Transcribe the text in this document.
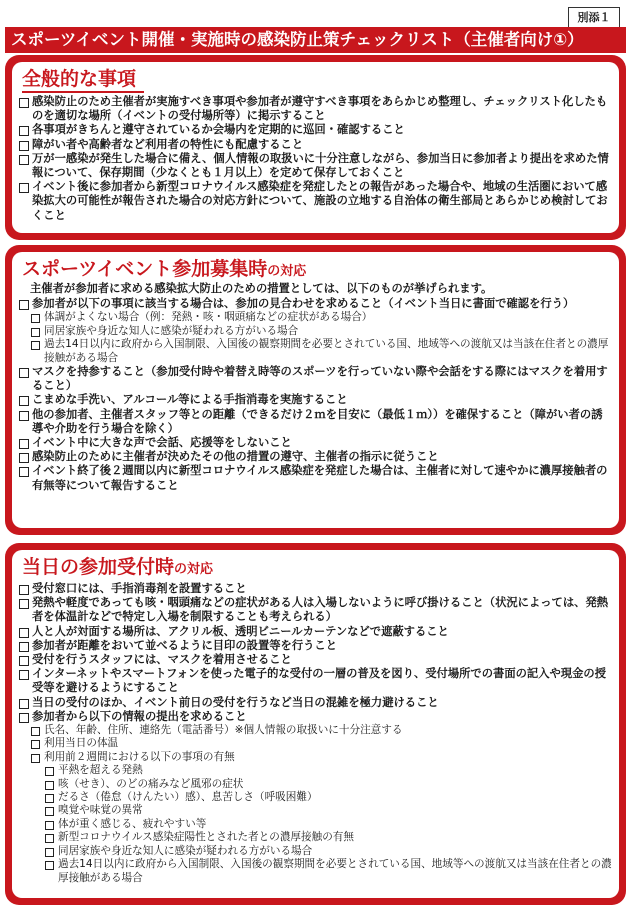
別添１
スポーツイベント開催・実施時の感染防止策チェックリスト（主催者向け①）
全般的な事項
感染防止のため主催者が実施すべき事項や参加者が遵守すべき事項をあらかじめ整理し、チェックリスト化したものを適切な場所（イベントの受付場所等）に掲示すること
各事項がきちんと遵守されているか会場内を定期的に巡回・確認すること
障がい者や高齢者など利用者の特性にも配慮すること
万が一感染が発生した場合に備え、個人情報の取扱いに十分注意しながら、参加当日に参加者より提出を求めた情報について、保存期間（少なくとも１月以上）を定めて保存しておくこと
イベント後に参加者から新型コロナウイルス感染症を発症したとの報告があった場合や、地域の生活圏において感染拡大の可能性が報告された場合の対応方針について、施設の立地する自治体の衛生部局とあらかじめ検討しておくこと
スポーツイベント参加募集時の対応
主催者が参加者に求める感染拡大防止のための措置としては、以下のものが挙げられます。
参加者が以下の事項に該当する場合は、参加の見合わせを求めること（イベント当日に書面で確認を行う）
体調がよくない場合（例：発熱・咳・咽頭痛などの症状がある場合）
同居家族や身近な知人に感染が疑われる方がいる場合
過去14日以内に政府から入国制限、入国後の観察期間を必要とされている国、地域等への渡航又は当該在住者との濃厚接触がある場合
マスクを持参すること（参加受付時や着替え時等のスポーツを行っていない際や会話をする際にはマスクを着用すること）
こまめな手洗い、アルコール等による手指消毒を実施すること
他の参加者、主催者スタッフ等との距離（できるだけ２ｍを目安に（最低１ｍ））を確保すること（障がい者の誘導や介助を行う場合を除く）
イベント中に大きな声で会話、応援等をしないこと
感染防止のために主催者が決めたその他の措置の遵守、主催者の指示に従うこと
イベント終了後２週間以内に新型コロナウイルス感染症を発症した場合は、主催者に対して速やかに濃厚接触者の有無等について報告すること
当日の参加受付時の対応
受付窓口には、手指消毒剤を設置すること
発熱や軽度であっても咳・咽頭痛などの症状がある人は入場しないように呼び掛けること（状況によっては、発熱者を体温計などで特定し入場を制限することも考えられる）
人と人が対面する場所は、アクリル板、透明ビニールカーテンなどで遮蔽すること
参加者が距離をおいて並べるように目印の設置等を行うこと
受付を行うスタッフには、マスクを着用させること
インターネットやスマートフォンを使った電子的な受付の一層の普及を図り、受付場所での書面の記入や現金の授受等を避けるようにすること
当日の受付のほか、イベント前日の受付を行うなど当日の混雑を極力避けること
参加者から以下の情報の提出を求めること
氏名、年齢、住所、連絡先（電話番号）※個人情報の取扱いに十分注意する
利用当日の体温
利用前２週間における以下の事項の有無
平熱を超える発熱
咳（せき）、のどの痛みなど風邪の症状
だるさ（倦怠（けんたい）感）、息苦しさ（呼吸困難）
嗅覚や味覚の異常
体が重く感じる、疲れやすい等
新型コロナウイルス感染症陽性とされた者との濃厚接触の有無
同居家族や身近な知人に感染が疑われる方がいる場合
過去14日以内に政府から入国制限、入国後の観察期間を必要とされている国、地域等への渡航又は当該在住者との濃厚接触がある場合
